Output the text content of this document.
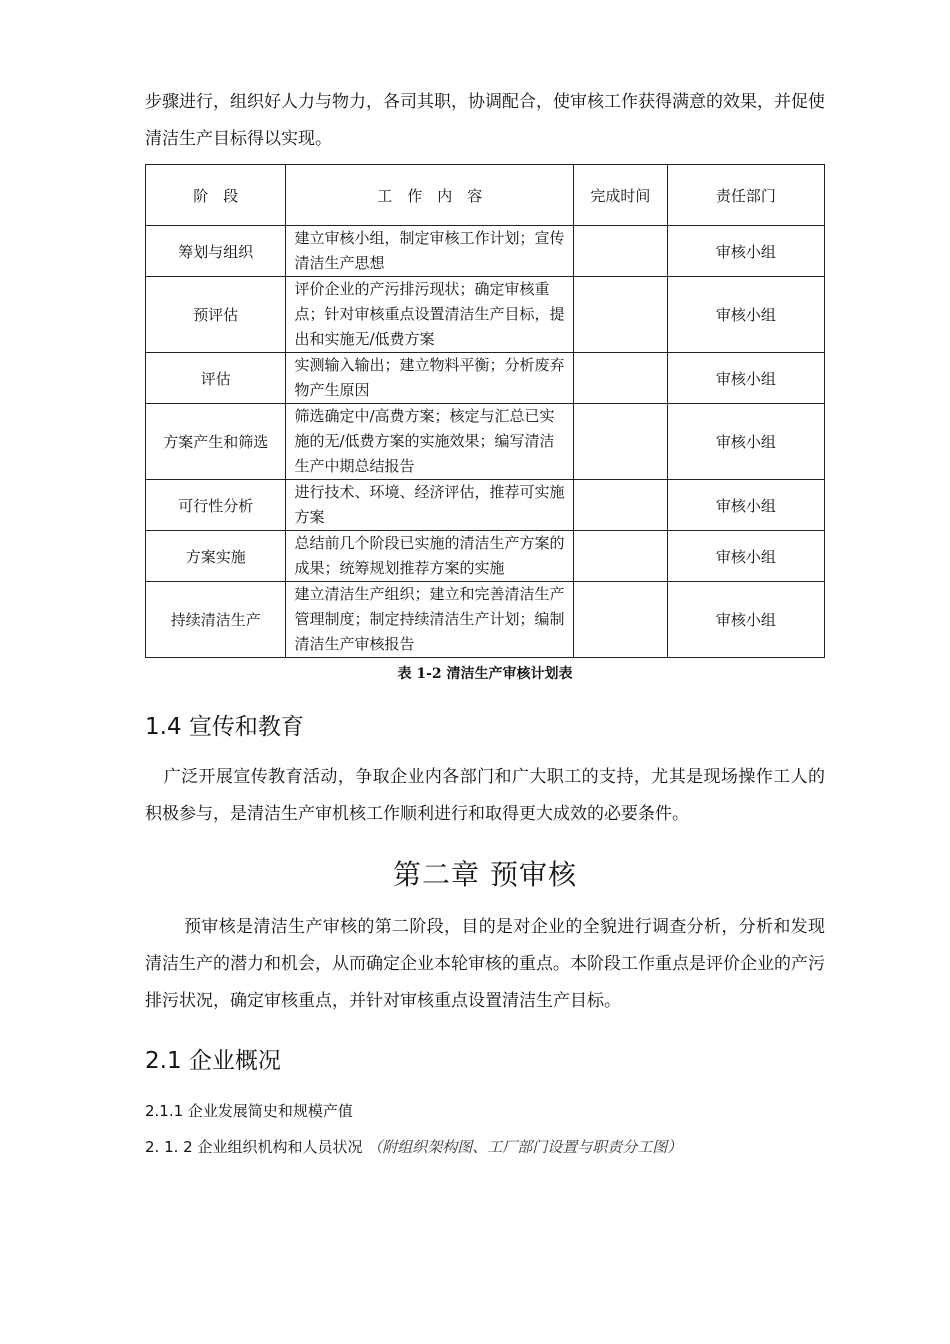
步骤进行，组织好人力与物力，各司其职，协调配合，使审核工作获得满意的效果，并促使清洁生产目标得以实现。

阶　段	工　作　内　容	完成时间	责任部门
筹划与组织	建立审核小组，制定审核工作计划；宣传清洁生产思想		审核小组
预评估	评价企业的产污排污现状；确定审核重点；针对审核重点设置清洁生产目标，提出和实施无/低费方案		审核小组
评估	实测输入输出；建立物料平衡；分析废弃物产生原因		审核小组
方案产生和筛选	筛选确定中/高费方案；核定与汇总已实施的无/低费方案的实施效果；编写清洁生产中期总结报告		审核小组
可行性分析	进行技术、环境、经济评估，推荐可实施方案		审核小组
方案实施	总结前几个阶段已实施的清洁生产方案的成果；统筹规划推荐方案的实施		审核小组
持续清洁生产	建立清洁生产组织；建立和完善清洁生产管理制度；制定持续清洁生产计划；编制清洁生产审核报告		审核小组
表 1-2 清洁生产审核计划表
1.4 宣传和教育

广泛开展宣传教育活动，争取企业内各部门和广大职工的支持，尤其是现场操作工人的积极参与，是清洁生产审机核工作顺利进行和取得更大成效的必要条件。

第二章 预审核

预审核是清洁生产审核的第二阶段，目的是对企业的全貌进行调查分析，分析和发现清洁生产的潜力和机会，从而确定企业本轮审核的重点。本阶段工作重点是评价企业的产污排污状况，确定审核重点，并针对审核重点设置清洁生产目标。

2.1 企业概况

2.1.1 企业发展简史和规模产值

2. 1. 2 企业组织机构和人员状况 （附组织架构图、工厂部门设置与职责分工图）
